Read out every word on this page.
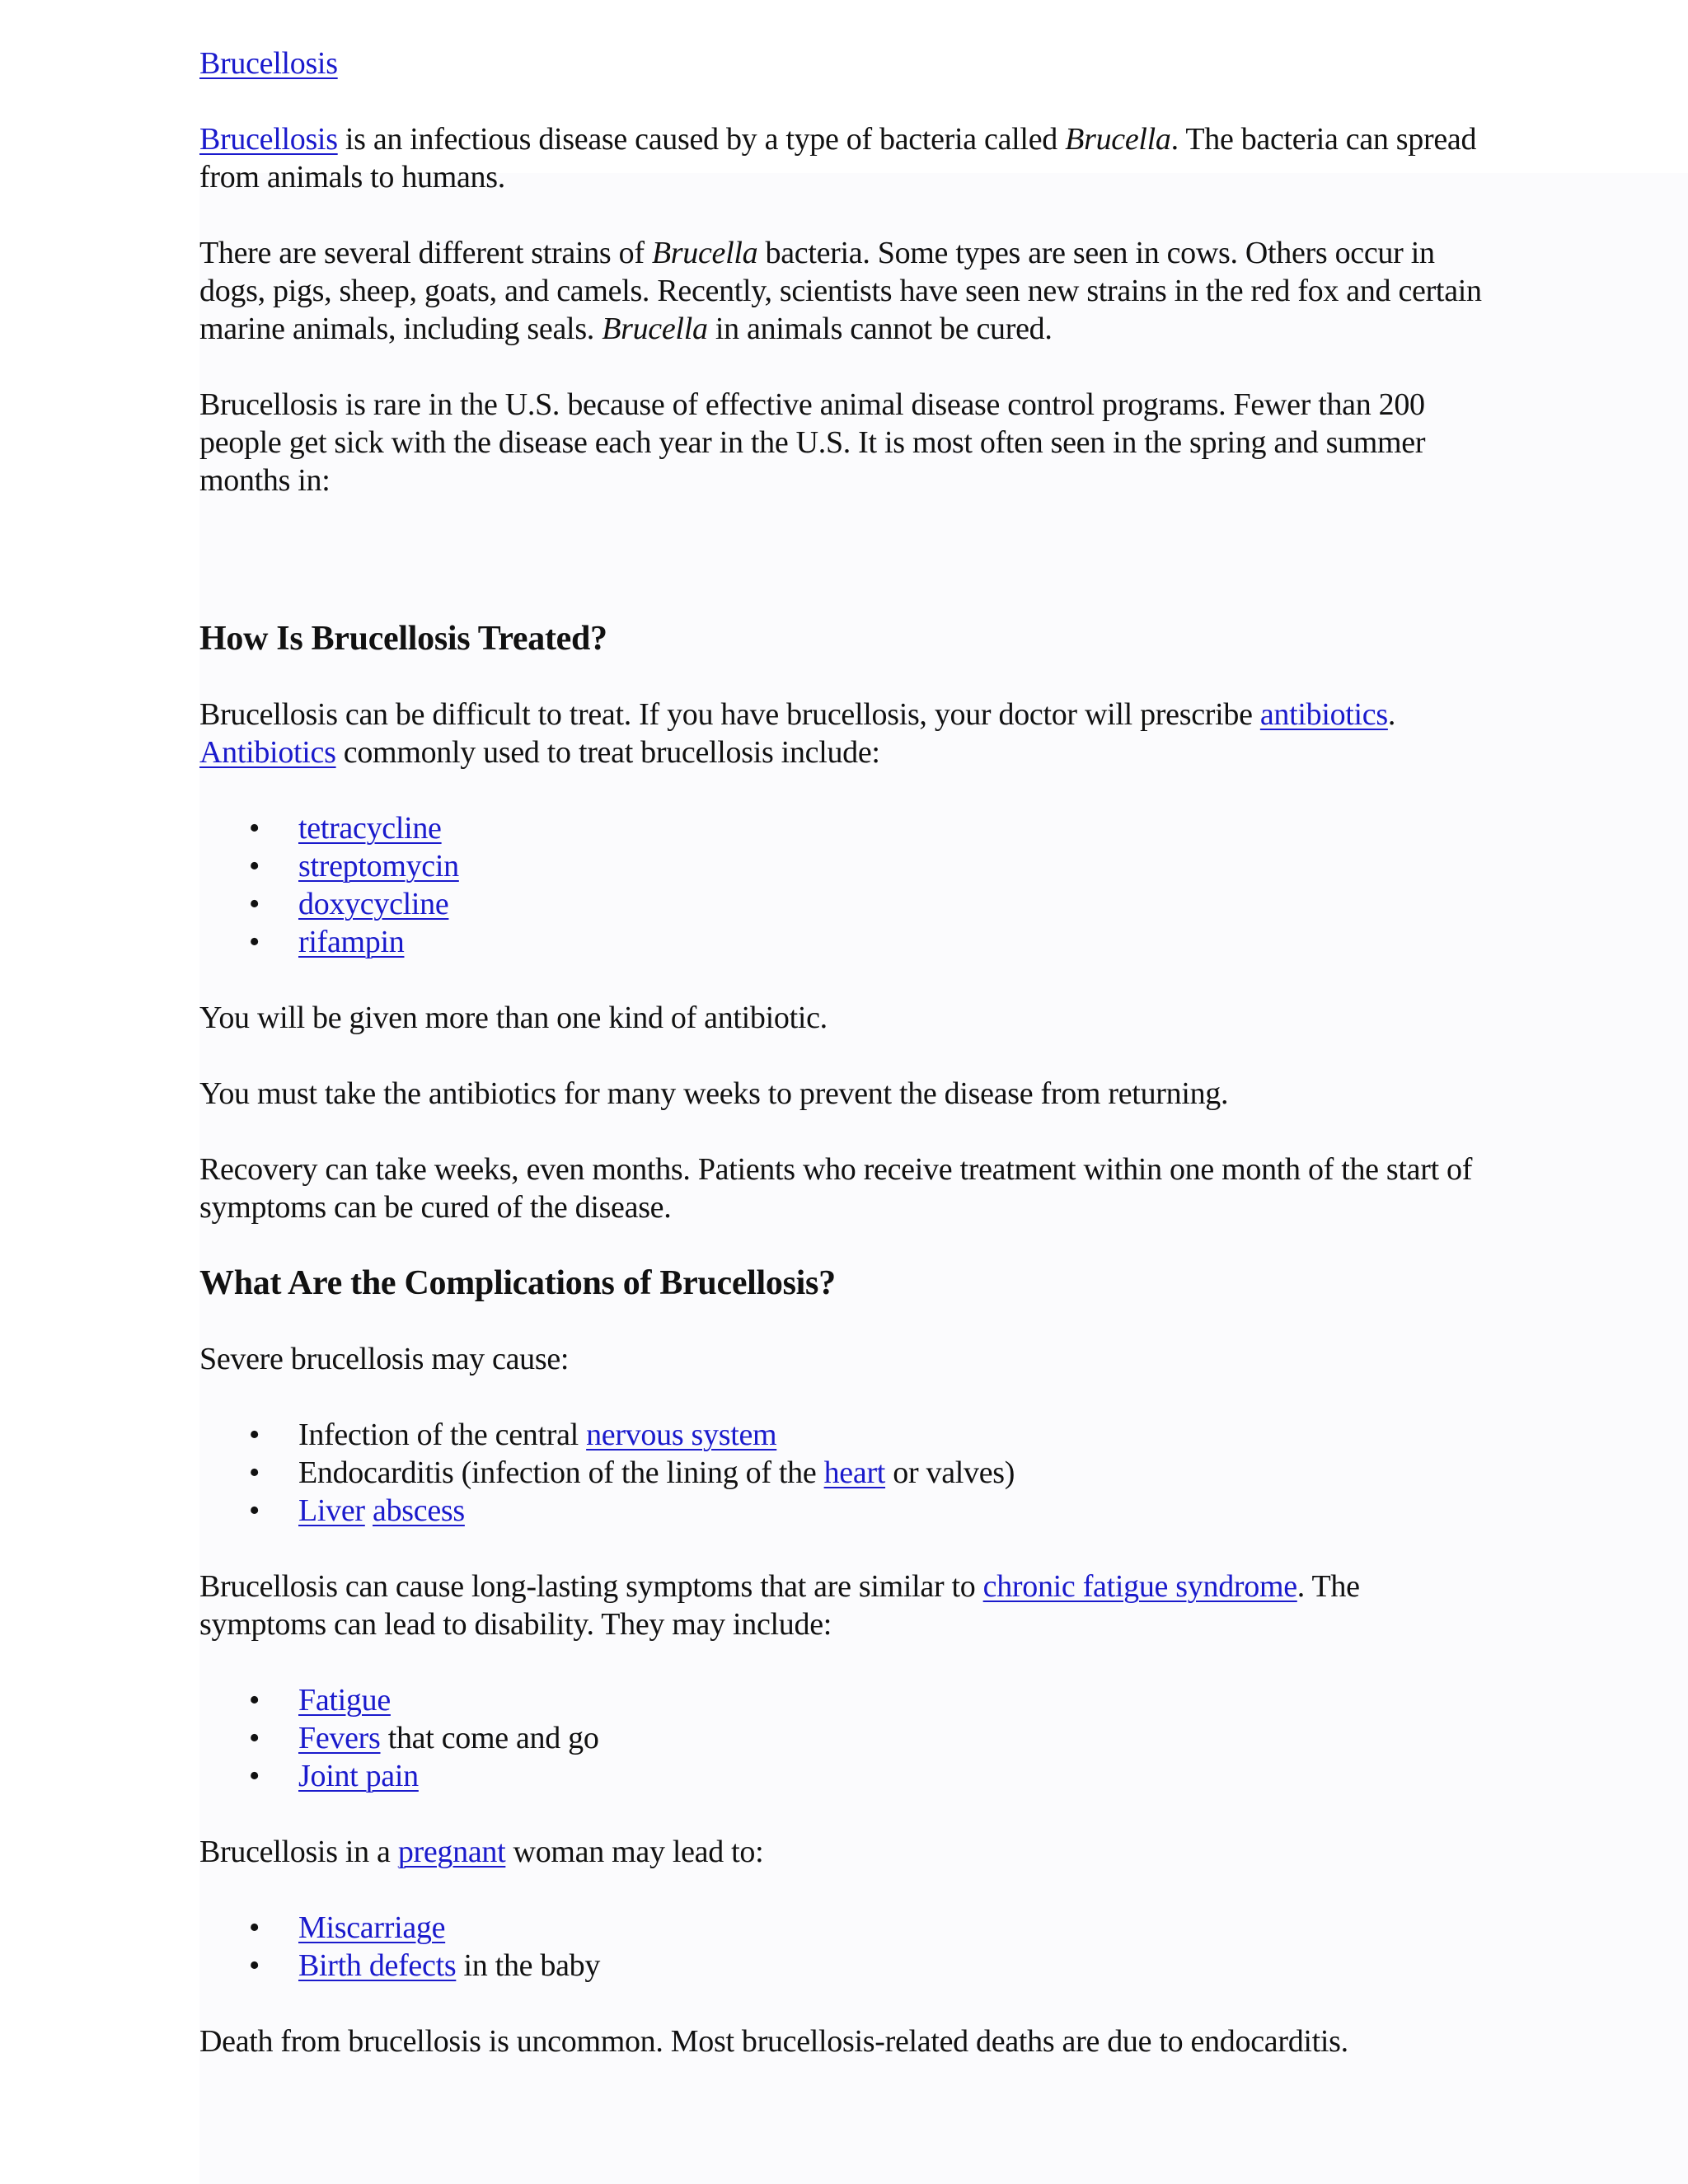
Brucellosis

Brucellosis is an infectious disease caused by a type of bacteria called Brucella. The bacteria can spread from animals to humans.

There are several different strains of Brucella bacteria. Some types are seen in cows. Others occur in dogs, pigs, sheep, goats, and camels. Recently, scientists have seen new strains in the red fox and certain marine animals, including seals. Brucella in animals cannot be cured.

Brucellosis is rare in the U.S. because of effective animal disease control programs. Fewer than 200 people get sick with the disease each year in the U.S. It is most often seen in the spring and summer months in:

How Is Brucellosis Treated?

Brucellosis can be difficult to treat. If you have brucellosis, your doctor will prescribe antibiotics. Antibiotics commonly used to treat brucellosis include:

• tetracycline
• streptomycin
• doxycycline
• rifampin

You will be given more than one kind of antibiotic.

You must take the antibiotics for many weeks to prevent the disease from returning.

Recovery can take weeks, even months. Patients who receive treatment within one month of the start of symptoms can be cured of the disease.

What Are the Complications of Brucellosis?

Severe brucellosis may cause:

• Infection of the central nervous system
• Endocarditis (infection of the lining of the heart or valves)
• Liver abscess

Brucellosis can cause long-lasting symptoms that are similar to chronic fatigue syndrome. The symptoms can lead to disability. They may include:

• Fatigue
• Fevers that come and go
• Joint pain

Brucellosis in a pregnant woman may lead to:

• Miscarriage
• Birth defects in the baby

Death from brucellosis is uncommon. Most brucellosis-related deaths are due to endocarditis.
